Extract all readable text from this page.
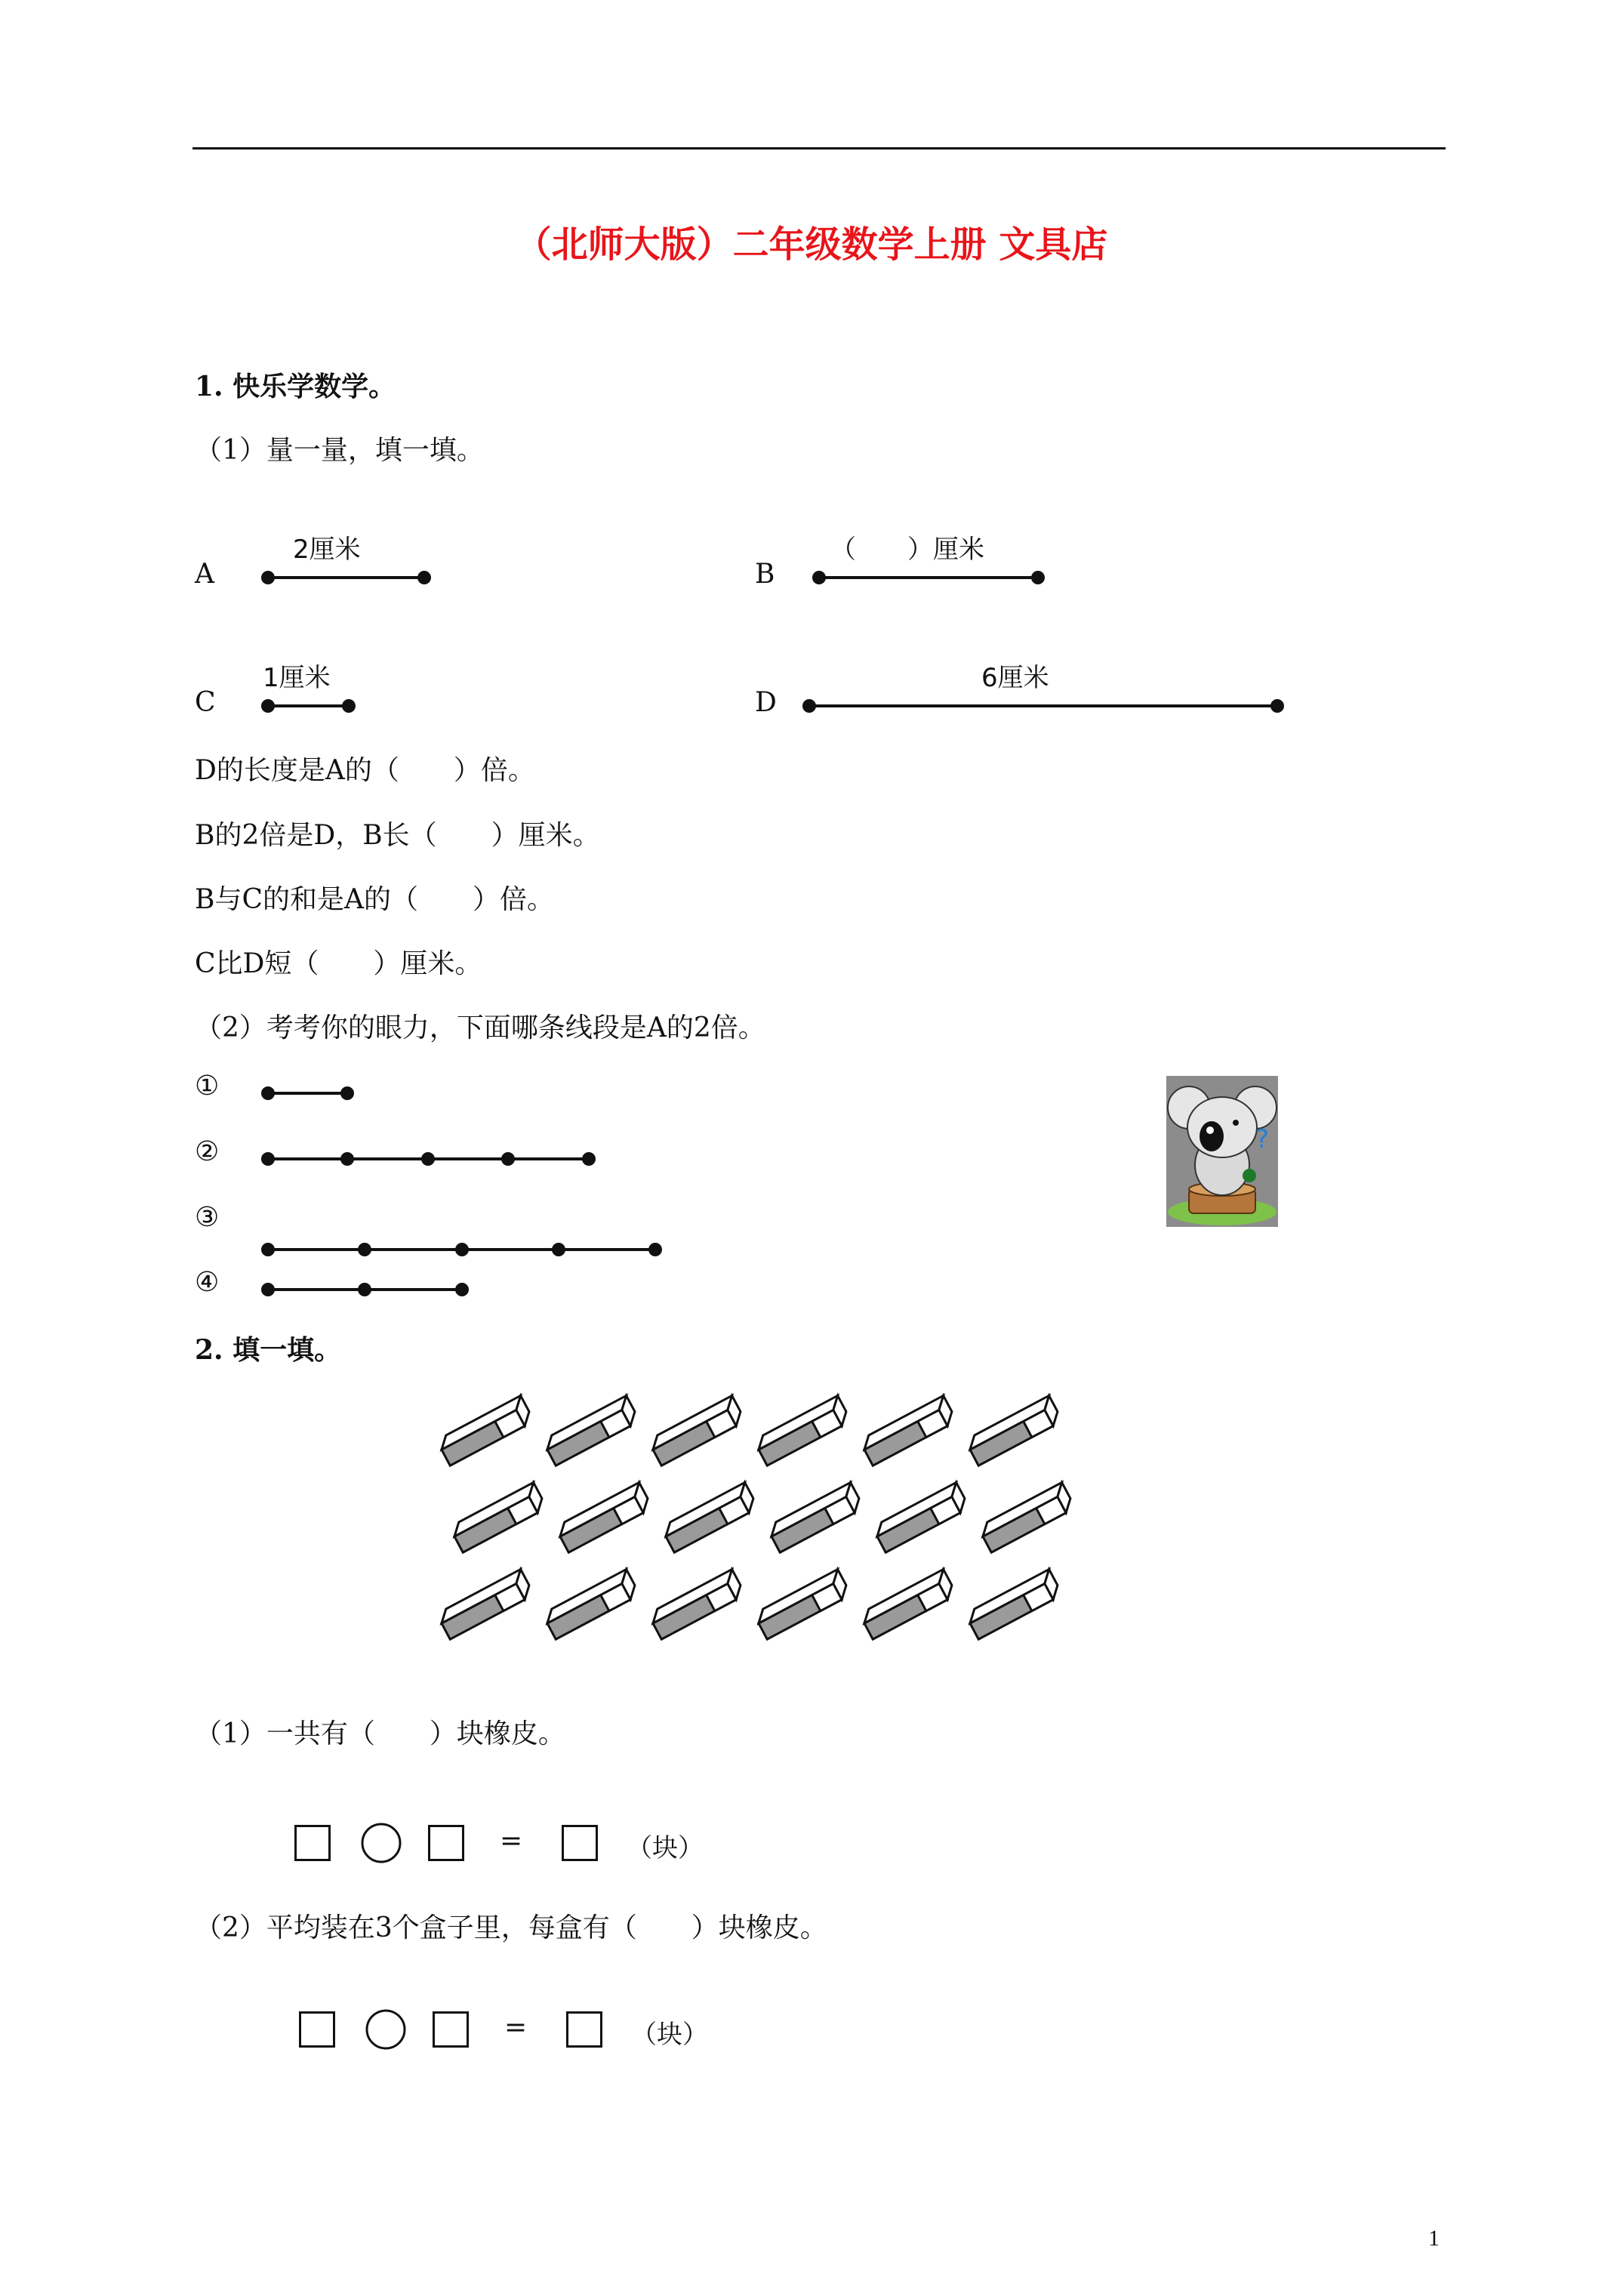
（北师大版）二年级数学上册 文具店
1. 快乐学数学。
（1）量一量，填一填。
2厘米
A
（　　）厘米
B
1厘米
C
6厘米
D
D的长度是A的（　　）倍。
B的2倍是D，B长（　　）厘米。
B与C的和是A的（　　）倍。
C比D短（　　）厘米。
（2）考考你的眼力，下面哪条线段是A的2倍。
①
②
③
④
?
2. 填一填。
（1）一共有（　　）块橡皮。
=	（块）
（2）平均装在3个盒子里，每盒有（　　）块橡皮。
=	（块）
1
